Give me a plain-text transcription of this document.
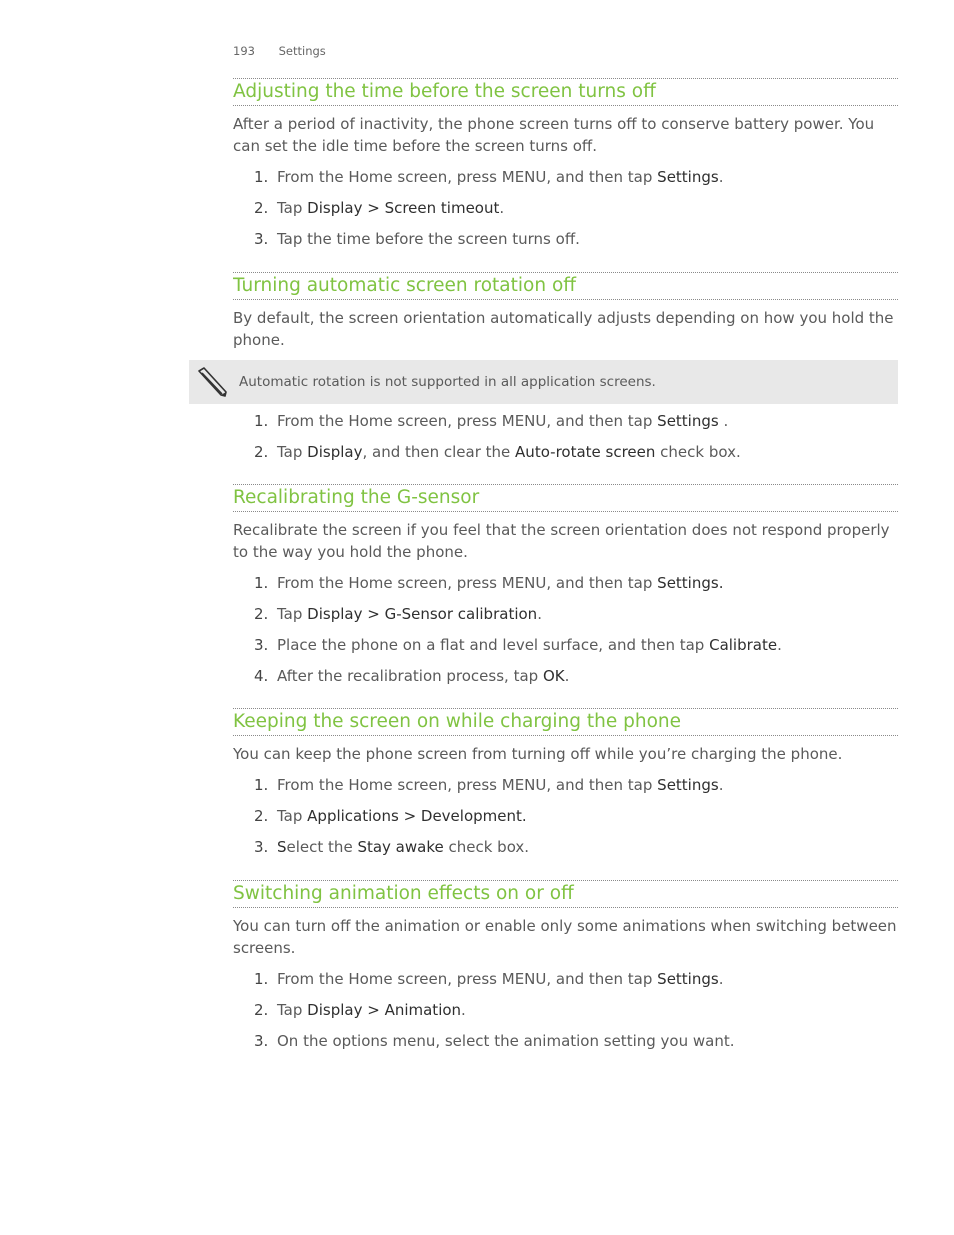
193 Settings
Adjusting the time before the screen turns off
After a period of inactivity, the phone screen turns off to conserve battery power. You can set the idle time before the screen turns off.
1. From the Home screen, press MENU, and then tap Settings.
2. Tap Display > Screen timeout.
3. Tap the time before the screen turns off.
Turning automatic screen rotation off
By default, the screen orientation automatically adjusts depending on how you hold the phone.
Automatic rotation is not supported in all application screens.
1. From the Home screen, press MENU, and then tap Settings .
2. Tap Display, and then clear the Auto-rotate screen check box.
Recalibrating the G-sensor
Recalibrate the screen if you feel that the screen orientation does not respond properly to the way you hold the phone.
1. From the Home screen, press MENU, and then tap Settings.
2. Tap Display > G-Sensor calibration.
3. Place the phone on a flat and level surface, and then tap Calibrate.
4. After the recalibration process, tap OK.
Keeping the screen on while charging the phone
You can keep the phone screen from turning off while you’re charging the phone.
1. From the Home screen, press MENU, and then tap Settings.
2. Tap Applications > Development.
3. Select the Stay awake check box.
Switching animation effects on or off
You can turn off the animation or enable only some animations when switching between screens.
1. From the Home screen, press MENU, and then tap Settings.
2. Tap Display > Animation.
3. On the options menu, select the animation setting you want.
